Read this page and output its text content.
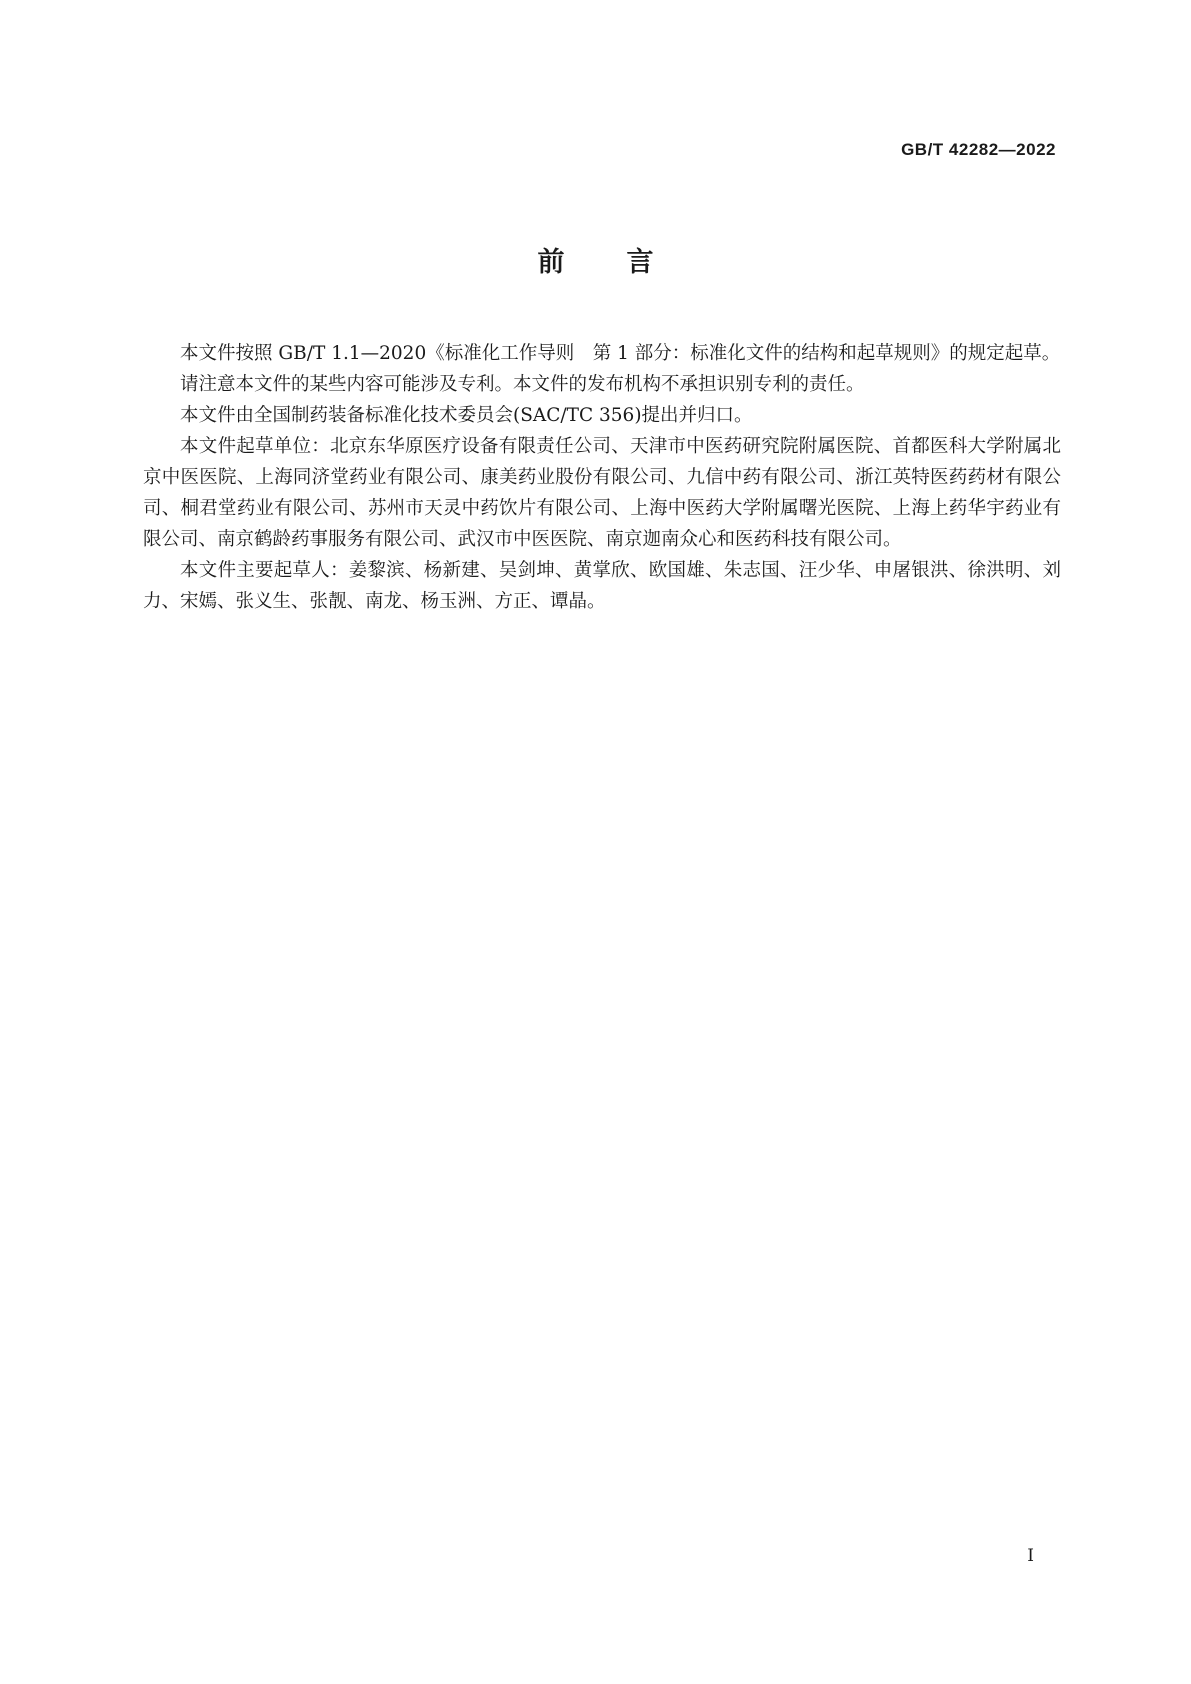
GB/T 42282—2022
前言

本文件按照 GB/T 1.1—2020《标准化工作导则　第 1 部分：标准化文件的结构和起草规则》的规定起草。

请注意本文件的某些内容可能涉及专利。本文件的发布机构不承担识别专利的责任。

本文件由全国制药装备标准化技术委员会(SAC/TC 356)提出并归口。

本文件起草单位：北京东华原医疗设备有限责任公司、天津市中医药研究院附属医院、首都医科大学附属北京中医医院、上海同济堂药业有限公司、康美药业股份有限公司、九信中药有限公司、浙江英特医药药材有限公司、桐君堂药业有限公司、苏州市天灵中药饮片有限公司、上海中医药大学附属曙光医院、上海上药华宇药业有限公司、南京鹤龄药事服务有限公司、武汉市中医医院、南京迦南众心和医药科技有限公司。

本文件主要起草人：姜黎滨、杨新建、吴剑坤、黄掌欣、欧国雄、朱志国、汪少华、申屠银洪、徐洪明、刘力、宋嫣、张义生、张靓、南龙、杨玉洲、方正、谭晶。

I
